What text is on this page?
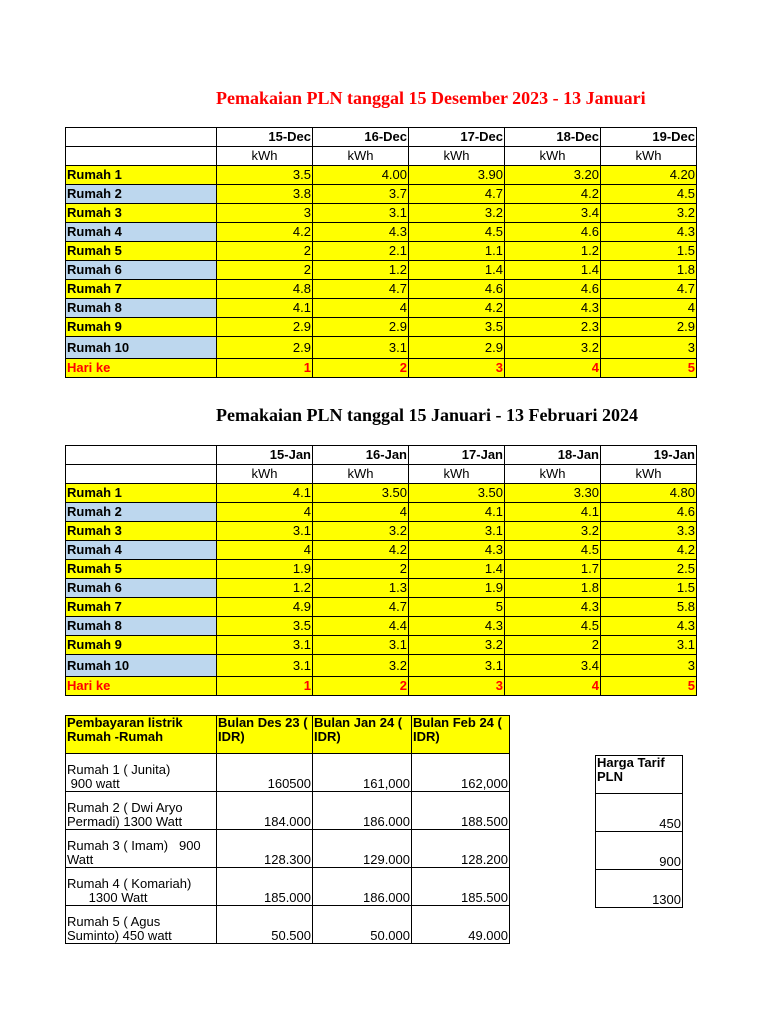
Pemakaian PLN tanggal 15 Desember 2023 - 13 Januari
	15-Dec	16-Dec	17-Dec	18-Dec	19-Dec
	kWh	kWh	kWh	kWh	kWh
Rumah 1	3.5	4.00	3.90	3.20	4.20
Rumah 2	3.8	3.7	4.7	4.2	4.5
Rumah 3	3	3.1	3.2	3.4	3.2
Rumah 4	4.2	4.3	4.5	4.6	4.3
Rumah 5	2	2.1	1.1	1.2	1.5
Rumah 6	2	1.2	1.4	1.4	1.8
Rumah 7	4.8	4.7	4.6	4.6	4.7
Rumah 8	4.1	4	4.2	4.3	4
Rumah 9	2.9	2.9	3.5	2.3	2.9
Rumah 10	2.9	3.1	2.9	3.2	3
Hari ke	1	2	3	4	5
Pemakaian PLN tanggal 15 Januari - 13 Februari 2024
	15-Jan	16-Jan	17-Jan	18-Jan	19-Jan
	kWh	kWh	kWh	kWh	kWh
Rumah 1	4.1	3.50	3.50	3.30	4.80
Rumah 2	4	4	4.1	4.1	4.6
Rumah 3	3.1	3.2	3.1	3.2	3.3
Rumah 4	4	4.2	4.3	4.5	4.2
Rumah 5	1.9	2	1.4	1.7	2.5
Rumah 6	1.2	1.3	1.9	1.8	1.5
Rumah 7	4.9	4.7	5	4.3	5.8
Rumah 8	3.5	4.4	4.3	4.5	4.3
Rumah 9	3.1	3.1	3.2	2	3.1
Rumah 10	3.1	3.2	3.1	3.4	3
Hari ke	1	2	3	4	5
Pembayaran listrik Rumah -Rumah	Bulan Des 23 ( IDR)	Bulan Jan 24 ( IDR)	Bulan Feb 24 ( IDR)

Rumah 1 ( Junita)
900 watt	160500	161,000	162,000

Rumah 2 ( Dwi Aryo
Permadi) 1300 Watt	184.000	186.000	188.500

Rumah 3 ( Imam)   900
Watt	128.300	129.000	128.200

Rumah 4 ( Komariah)
1300 Watt	185.000	186.000	185.500

Rumah 5 ( Agus
Suminto) 450 watt	50.500	50.000	49.000
Harga Tarif
PLN

450
900
1300
